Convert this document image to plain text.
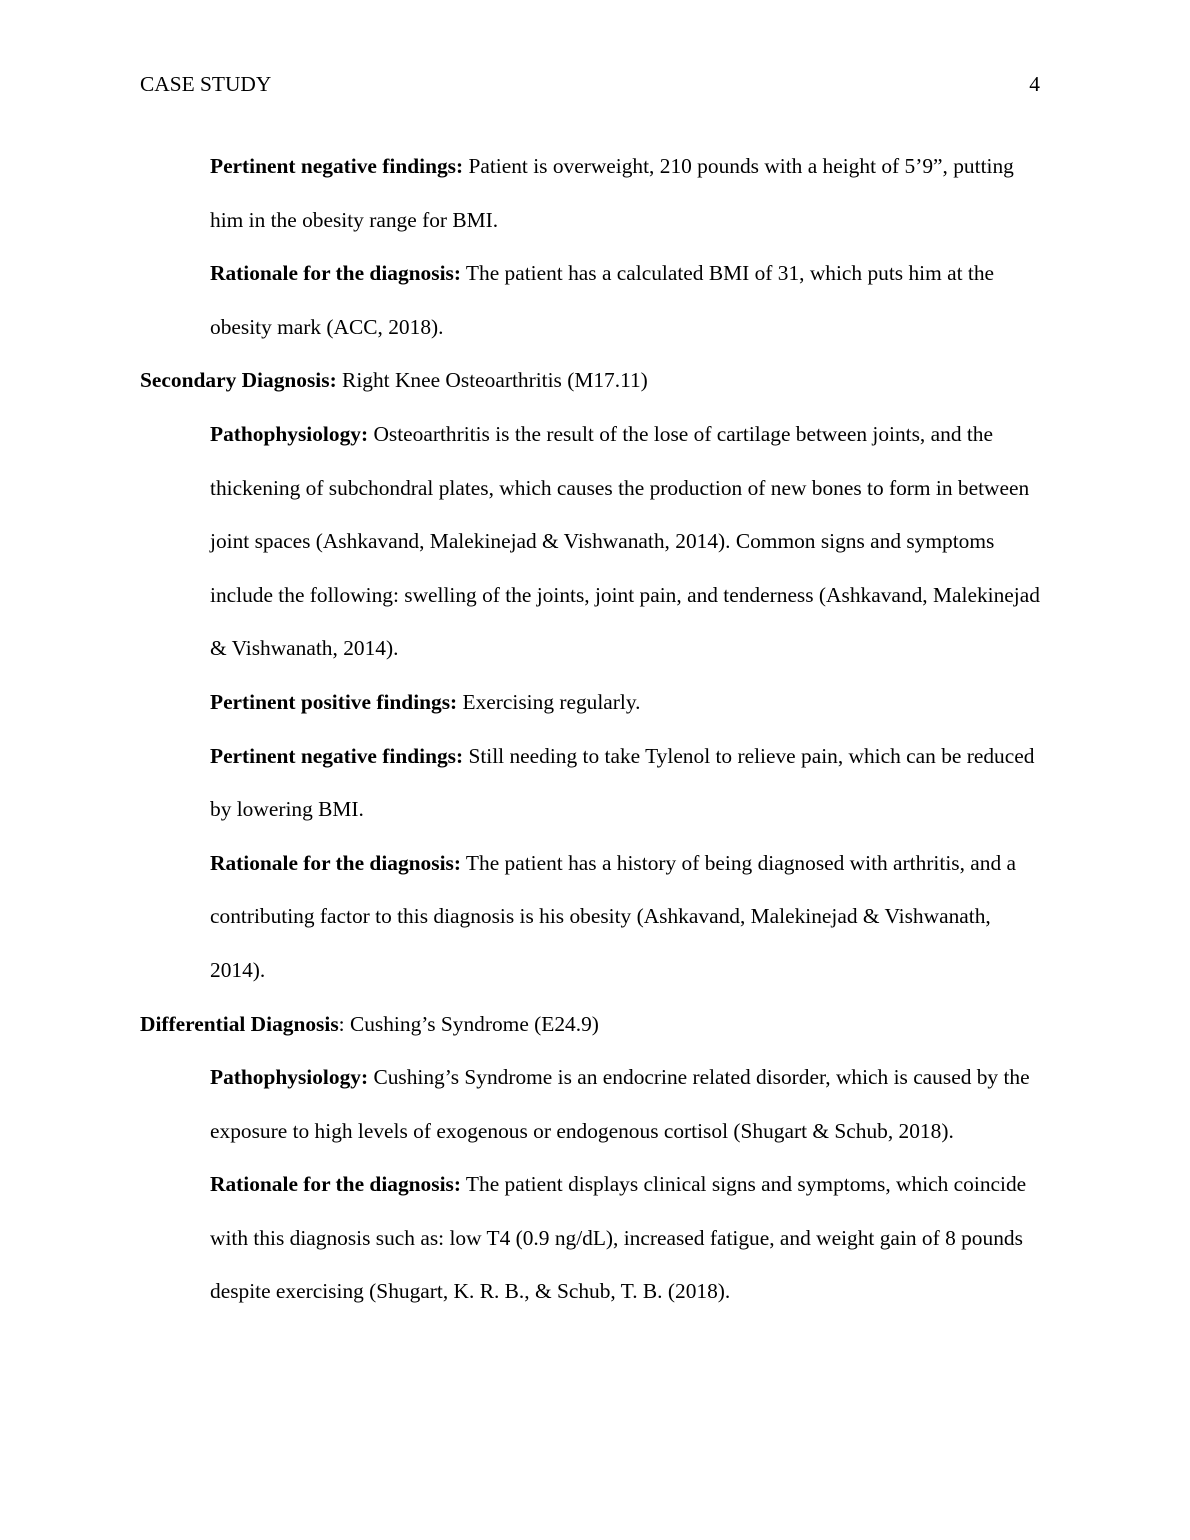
CASE STUDY	4

Pertinent negative findings: Patient is overweight, 210 pounds with a height of 5’9”, putting him in the obesity range for BMI.

Rationale for the diagnosis: The patient has a calculated BMI of 31, which puts him at the obesity mark (ACC, 2018).

Secondary Diagnosis: Right Knee Osteoarthritis (M17.11)

Pathophysiology: Osteoarthritis is the result of the lose of cartilage between joints, and the thickening of subchondral plates, which causes the production of new bones to form in between joint spaces (Ashkavand, Malekinejad & Vishwanath, 2014). Common signs and symptoms include the following: swelling of the joints, joint pain, and tenderness (Ashkavand, Malekinejad & Vishwanath, 2014).

Pertinent positive findings: Exercising regularly.

Pertinent negative findings: Still needing to take Tylenol to relieve pain, which can be reduced by lowering BMI.

Rationale for the diagnosis: The patient has a history of being diagnosed with arthritis, and a contributing factor to this diagnosis is his obesity (Ashkavand, Malekinejad & Vishwanath, 2014).

Differential Diagnosis: Cushing’s Syndrome (E24.9)

Pathophysiology: Cushing’s Syndrome is an endocrine related disorder, which is caused by the exposure to high levels of exogenous or endogenous cortisol (Shugart & Schub, 2018).

Rationale for the diagnosis: The patient displays clinical signs and symptoms, which coincide with this diagnosis such as: low T4 (0.9 ng/dL), increased fatigue, and weight gain of 8 pounds despite exercising (Shugart, K. R. B., & Schub, T. B. (2018).
